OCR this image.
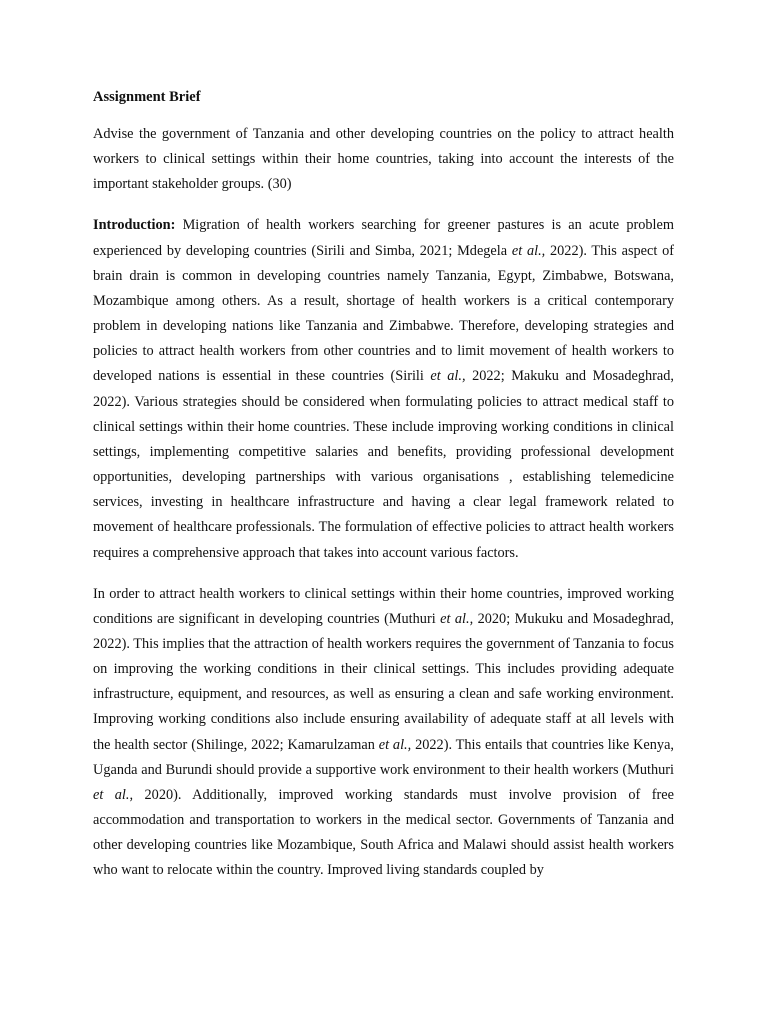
Assignment Brief

Advise the government of Tanzania and other developing countries on the policy to attract health workers to clinical settings within their home countries, taking into account the interests of the important stakeholder groups. (30)

Introduction: Migration of health workers searching for greener pastures is an acute problem experienced by developing countries (Sirili and Simba, 2021; Mdegela et al., 2022). This aspect of brain drain is common in developing countries namely Tanzania, Egypt, Zimbabwe, Botswana, Mozambique among others. As a result, shortage of health workers is a critical contemporary problem in developing nations like Tanzania and Zimbabwe. Therefore, developing strategies and policies to attract health workers from other countries and to limit movement of health workers to developed nations is essential in these countries (Sirili et al., 2022; Makuku and Mosadeghrad, 2022). Various strategies should be considered when formulating policies to attract medical staff to clinical settings within their home countries. These include improving working conditions in clinical settings, implementing competitive salaries and benefits, providing professional development opportunities, developing partnerships with various organisations , establishing telemedicine services, investing in healthcare infrastructure and having a clear legal framework related to movement of healthcare professionals. The formulation of effective policies to attract health workers requires a comprehensive approach that takes into account various factors.

In order to attract health workers to clinical settings within their home countries, improved working conditions are significant in developing countries (Muthuri et al., 2020; Mukuku and Mosadeghrad, 2022). This implies that the attraction of health workers requires the government of Tanzania to focus on improving the working conditions in their clinical settings. This includes providing adequate infrastructure, equipment, and resources, as well as ensuring a clean and safe working environment. Improving working conditions also include ensuring availability of adequate staff at all levels with the health sector (Shilinge, 2022; Kamarulzaman et al., 2022). This entails that countries like Kenya, Uganda and Burundi should provide a supportive work environment to their health workers (Muthuri et al., 2020). Additionally, improved working standards must involve provision of free accommodation and transportation to workers in the medical sector. Governments of Tanzania and other developing countries like Mozambique, South Africa and Malawi should assist health workers who want to relocate within the country. Improved living standards coupled by
